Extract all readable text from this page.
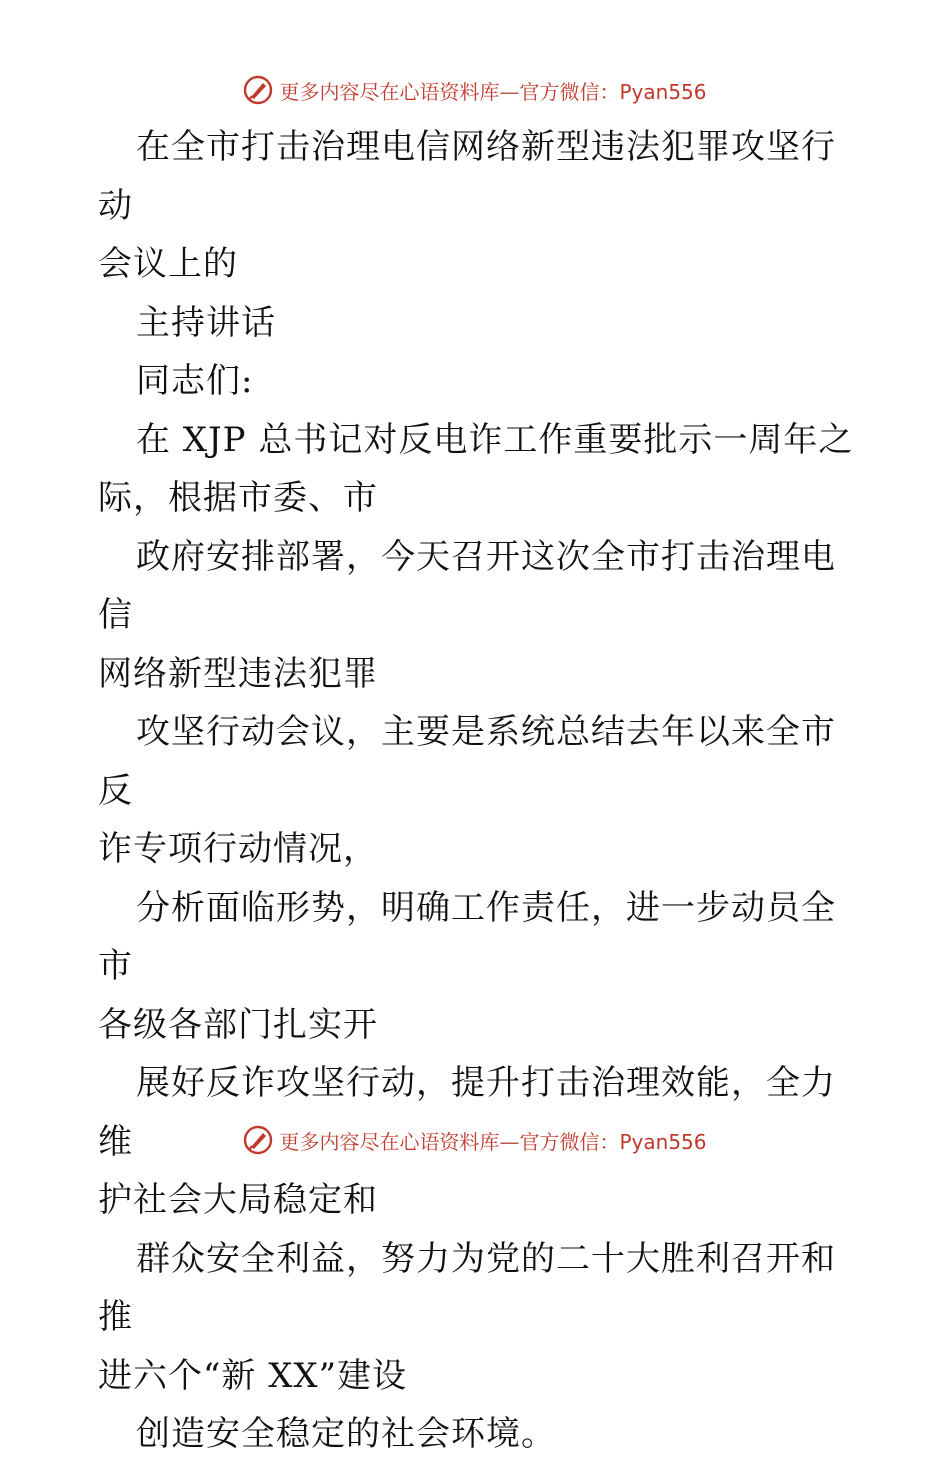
更多内容尽在心语资料库—官方微信：Pyan556
在全市打击治理电信网络新型违法犯罪攻坚行动
会议上的
主持讲话
同志们:
在 XJP 总书记对反电诈工作重要批示一周年之
际，根据市委、市
政府安排部署，今天召开这次全市打击治理电信
网络新型违法犯罪
攻坚行动会议，主要是系统总结去年以来全市反
诈专项行动情况，
分析面临形势，明确工作责任，进一步动员全市
各级各部门扎实开
展好反诈攻坚行动，提升打击治理效能，全力维
护社会大局稳定和
群众安全利益，努力为党的二十大胜利召开和推
进六个“新 XX”建设
创造安全稳定的社会环境。
更多内容尽在心语资料库—官方微信：Pyan556
